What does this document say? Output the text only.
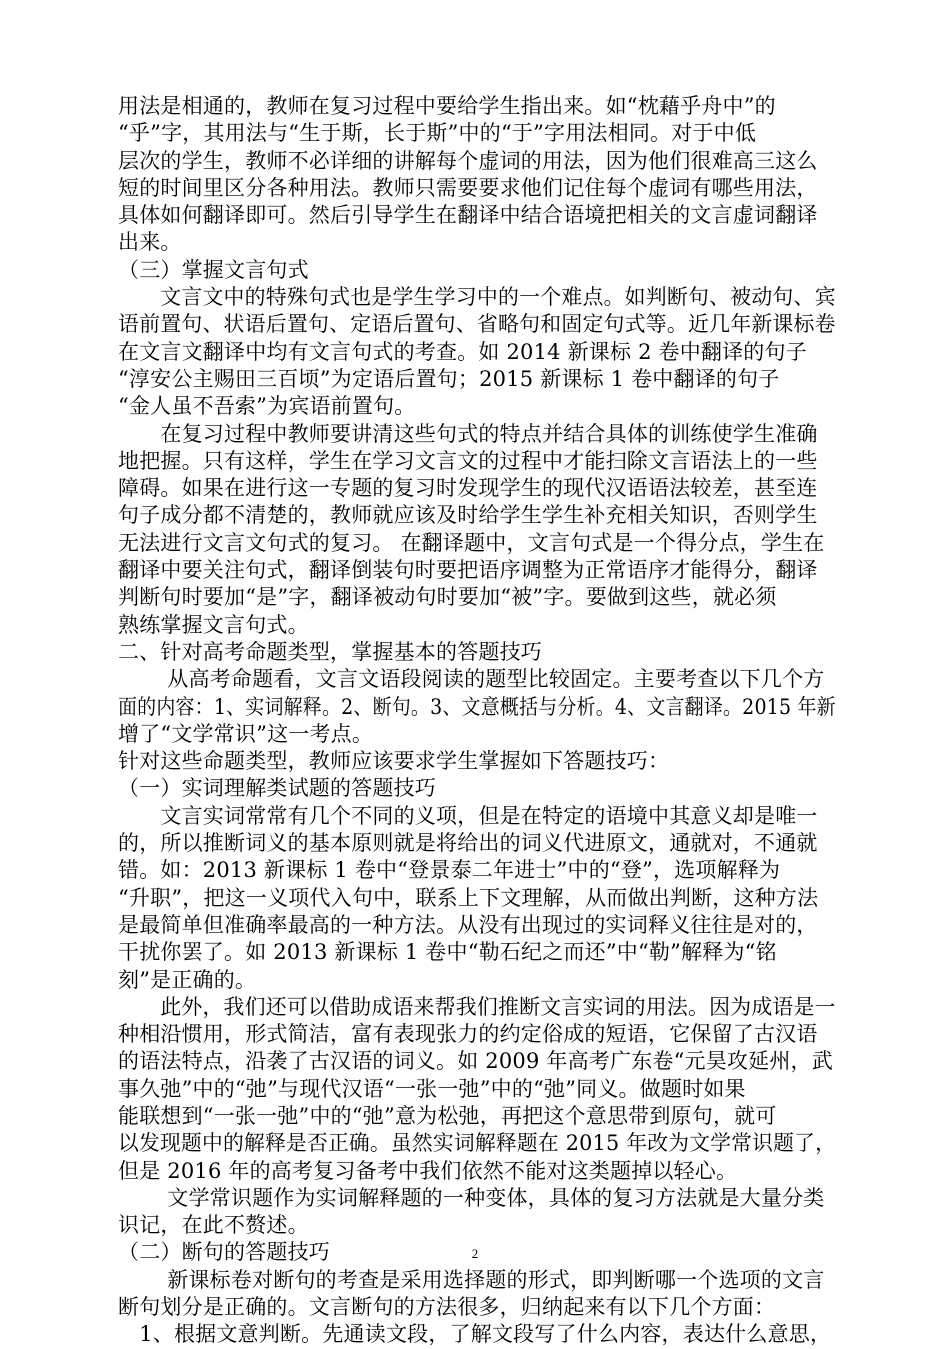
用法是相通的，教师在复习过程中要给学生指出来。如“枕藉乎舟中”的
“乎”字，其用法与“生于斯，长于斯”中的“于”字用法相同。对于中低
层次的学生，教师不必详细的讲解每个虚词的用法，因为他们很难高三这么
短的时间里区分各种用法。教师只需要要求他们记住每个虚词有哪些用法，
具体如何翻译即可。然后引导学生在翻译中结合语境把相关的文言虚词翻译
出来。
（三）掌握文言句式
　　文言文中的特殊句式也是学生学习中的一个难点。如判断句、被动句、宾
语前置句、状语后置句、定语后置句、省略句和固定句式等。近几年新课标卷
在文言文翻译中均有文言句式的考查。如 2014 新课标 2 卷中翻译的句子
“淳安公主赐田三百顷”为定语后置句；2015 新课标 1 卷中翻译的句子
“金人虽不吾索”为宾语前置句。
　　在复习过程中教师要讲清这些句式的特点并结合具体的训练使学生准确
地把握。只有这样，学生在学习文言文的过程中才能扫除文言语法上的一些
障碍。如果在进行这一专题的复习时发现学生的现代汉语语法较差，甚至连
句子成分都不清楚的，教师就应该及时给学生学生补充相关知识，否则学生
无法进行文言文句式的复习。 在翻译题中，文言句式是一个得分点，学生在
翻译中要关注句式，翻译倒装句时要把语序调整为正常语序才能得分，翻译
判断句时要加“是”字，翻译被动句时要加“被”字。要做到这些，就必须
熟练掌握文言句式。
二、针对高考命题类型，掌握基本的答题技巧
　　 从高考命题看，文言文语段阅读的题型比较固定。主要考查以下几个方
面的内容：1、实词解释。2、断句。3、文意概括与分析。4、文言翻译。2015 年新
增了“文学常识”这一考点。
针对这些命题类型，教师应该要求学生掌握如下答题技巧：
（一）实词理解类试题的答题技巧
　　文言实词常常有几个不同的义项，但是在特定的语境中其意义却是唯一
的，所以推断词义的基本原则就是将给出的词义代进原文，通就对，不通就
错。如：2013 新课标 1 卷中“登景泰二年进士”中的“登”，选项解释为
“升职”，把这一义项代入句中，联系上下文理解，从而做出判断，这种方法
是最简单但准确率最高的一种方法。从没有出现过的实词释义往往是对的，
干扰你罢了。如 2013 新课标 1 卷中“勒石纪之而还”中“勒”解释为“铭
刻”是正确的。
　　此外，我们还可以借助成语来帮我们推断文言实词的用法。因为成语是一
种相沿惯用，形式简洁，富有表现张力的约定俗成的短语，它保留了古汉语
的语法特点，沿袭了古汉语的词义。如 2009 年高考广东卷“元昊攻延州，武
事久弛”中的“弛”与现代汉语“一张一弛”中的“弛”同义。做题时如果
能联想到“一张一弛”中的“弛”意为松弛，再把这个意思带到原句，就可
以发现题中的解释是否正确。虽然实词解释题在 2015 年改为文学常识题了，
但是 2016 年的高考复习备考中我们依然不能对这类题掉以轻心。
　　 文学常识题作为实词解释题的一种变体，具体的复习方法就是大量分类
识记，在此不赘述。
（二）断句的答题技巧
　　 新课标卷对断句的考查是采用选择题的形式，即判断哪一个选项的文言
断句划分是正确的。文言断句的方法很多，归纳起来有以下几个方面：
　1、根据文意判断。先通读文段，了解文段写了什么内容，表达什么意思，
2
